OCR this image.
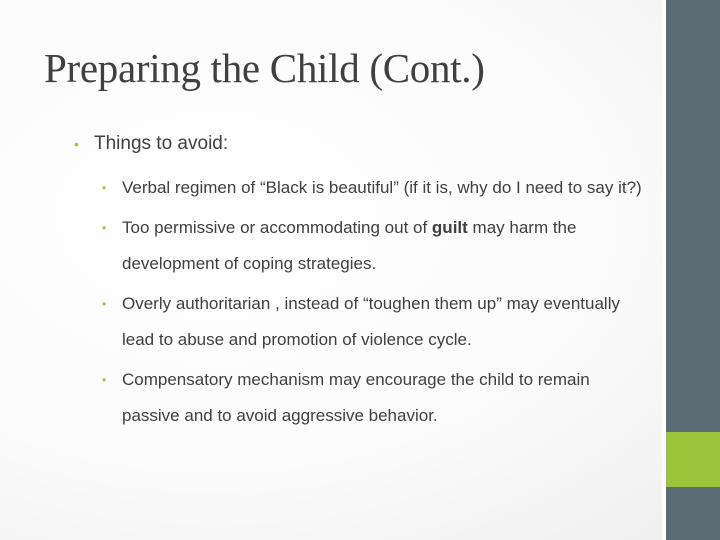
Preparing the Child (Cont.)
• Things to avoid:
• Verbal regimen of “Black is beautiful” (if it is, why do I need to say it?)
• Too permissive or accommodating out of guilt may harm the development of coping strategies.
• Overly authoritarian , instead of “toughen them up” may eventually lead to abuse and promotion of violence cycle.
• Compensatory mechanism may encourage the child to remain passive and to avoid aggressive behavior.
